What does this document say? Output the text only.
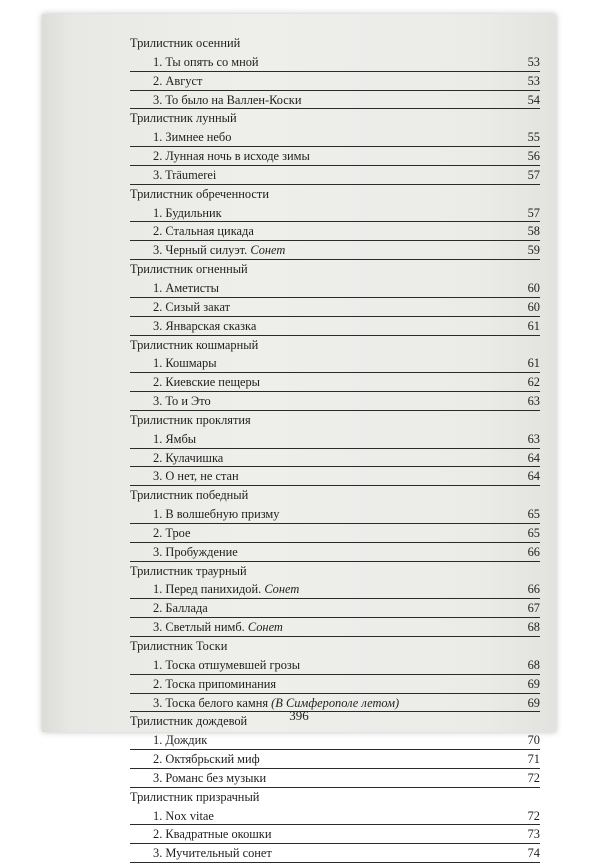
Трилистник осенний
1. Ты опять со мной	53
2. Август	53
3. То было на Валлен-Коски	54
Трилистник лунный
1. Зимнее небо	55
2. Лунная ночь в исходе зимы	56
3. Träumerei	57
Трилистник обреченности
1. Будильник	57
2. Стальная цикада	58
3. Черный силуэт. Сонет	59
Трилистник огненный
1. Аметисты	60
2. Сизый закат	60
3. Январская сказка	61
Трилистник кошмарный
1. Кошмары	61
2. Киевские пещеры	62
3. То и Это	63
Трилистник проклятия
1. Ямбы	63
2. Кулачишка	64
3. О нет, не стан	64
Трилистник победный
1. В волшебную призму	65
2. Трое	65
3. Пробуждение	66
Трилистник траурный
1. Перед панихидой. Сонет	66
2. Баллада	67
3. Светлый нимб. Сонет	68
Трилистник Тоски
1. Тоска отшумевшей грозы	68
2. Тоска припоминания	69
3. Тоска белого камня (В Симферополе летом)	69
Трилистник дождевой
1. Дождик	70
2. Октябрьский миф	71
3. Романс без музыки	72
Трилистник призрачный
1. Nox vitae	72
2. Квадратные окошки	73
3. Мучительный сонет	74
396
